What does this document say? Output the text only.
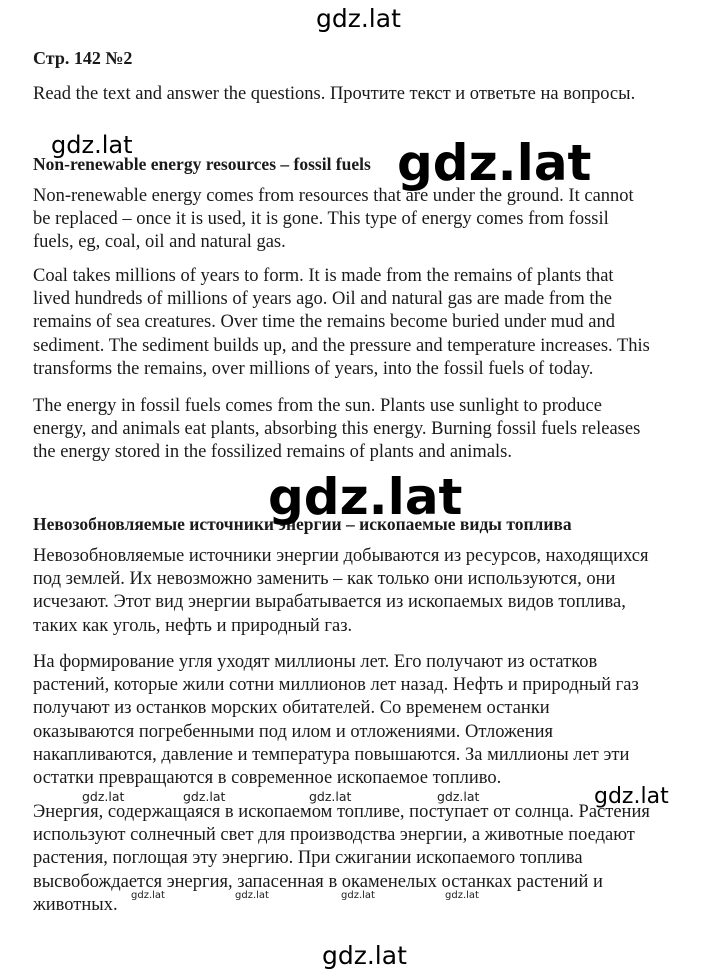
gdz.lat
Стр. 142 №2
Read the text and answer the questions. Прочтите текст и ответьте на вопросы.
Non-renewable energy resources – fossil fuels
Non-renewable energy comes from resources that are under the ground. It cannot
be replaced – once it is used, it is gone. This type of energy comes from fossil
fuels, eg, coal, oil and natural gas.
Coal takes millions of years to form. It is made from the remains of plants that
lived hundreds of millions of years ago. Oil and natural gas are made from the
remains of sea creatures. Over time the remains become buried under mud and
sediment. The sediment builds up, and the pressure and temperature increases. This
transforms the remains, over millions of years, into the fossil fuels of today.
The energy in fossil fuels comes from the sun. Plants use sunlight to produce
energy, and animals eat plants, absorbing this energy. Burning fossil fuels releases
the energy stored in the fossilized remains of plants and animals.
Невозобновляемые источники энергии – ископаемые виды топлива
Невозобновляемые источники энергии добываются из ресурсов, находящихся
под землей. Их невозможно заменить – как только они используются, они
исчезают. Этот вид энергии вырабатывается из ископаемых видов топлива,
таких как уголь, нефть и природный газ.
На формирование угля уходят миллионы лет. Его получают из остатков
растений, которые жили сотни миллионов лет назад. Нефть и природный газ
получают из останков морских обитателей. Со временем останки
оказываются погребенными под илом и отложениями. Отложения
накапливаются, давление и температура повышаются. За миллионы лет эти
остатки превращаются в современное ископаемое топливо.
Энергия, содержащаяся в ископаемом топливе, поступает от солнца. Растения
используют солнечный свет для производства энергии, а животные поедают
растения, поглощая эту энергию. При сжигании ископаемого топлива
высвобождается энергия, запасенная в окаменелых останках растений и
животных.
gdz.lat	gdz.lat
gdz.lat
gdz.lat
gdz.lat	gdz.lat	gdz.lat	gdz.lat
gdz.lat	gdz.lat	gdz.lat	gdz.lat
gdz.lat
